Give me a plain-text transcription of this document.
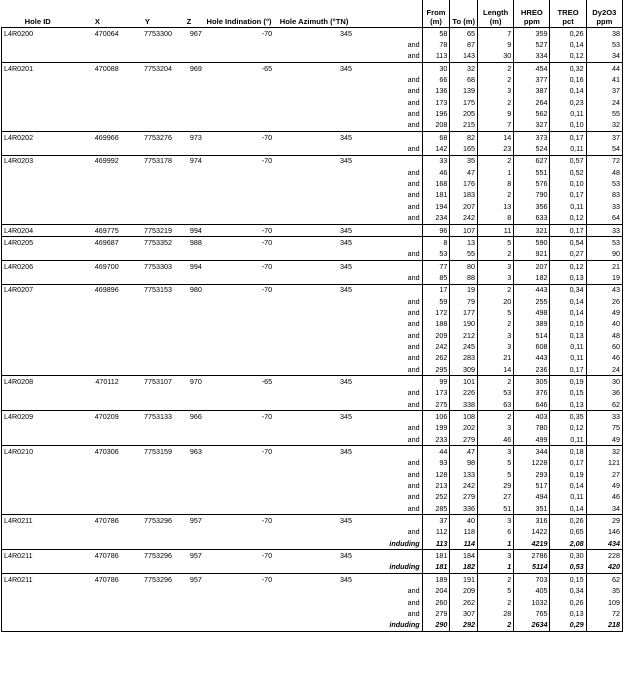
Hole ID	X	Y	Z	Hole Indination (°)	Hole Azimuth (°TN)		From (m)	To (m)	Length (m)	HREO ppm	TREO pct	Dy2O3 ppm
L4R0200	470064	7753300	967	-70	345		58	65	7	359	0,26	38
						and	78	87	9	527	0,14	53
						and	113	143	30	334	0,12	34
L4R0201	470088	7753204	969	-65	345		30	32	2	454	0,32	44
						and	66	68	2	377	0,16	41
						and	136	139	3	387	0,14	37
						and	173	175	2	264	0,23	24
						and	196	205	9	562	0,11	55
						and	208	215	7	327	0,10	32
L4R0202	469966	7753276	973	-70	345		68	82	14	373	0,17	37
						and	142	165	23	524	0,11	54
L4R0203	469992	7753178	974	-70	345		33	35	2	627	0,57	72
						and	46	47	1	551	0,52	48
						and	168	176	8	576	0,10	53
						and	181	183	2	790	0,17	83
						and	194	207	13	356	0,11	33
						and	234	242	8	633	0,12	64
L4R0204	469775	7753219	994	-70	345		96	107	11	321	0,17	33
L4R0205	469687	7753352	988	-70	345		8	13	5	590	0,54	53
						and	53	55	2	921	0,27	90
L4R0206	469700	7753303	994	-70	345		77	80	3	207	0,12	21
						and	85	88	3	182	0,13	19
L4R0207	469896	7753153	980	-70	345		17	19	2	443	0,34	43
						and	59	79	20	255	0,14	26
						and	172	177	5	498	0,14	49
						and	188	190	2	389	0,15	40
						and	209	212	3	514	0,13	48
						and	242	245	3	608	0,11	60
						and	262	283	21	443	0,11	46
						and	295	309	14	236	0,17	24
L4R0208	470112	7753107	970	-65	345		99	101	2	305	0,19	30
						and	173	226	53	376	0,15	36
						and	275	338	63	646	0,13	62
L4R0209	470209	7753133	966	-70	345		106	108	2	403	0,35	33
						and	199	202	3	780	0,12	75
						and	233	279	46	499	0,11	49
L4R0210	470306	7753159	963	-70	345		44	47	3	344	0,18	32
						and	93	98	5	1228	0,17	121
						and	128	133	5	293	0,19	27
						and	213	242	29	517	0,14	49
						and	252	279	27	494	0,11	46
						and	285	336	51	351	0,14	34
L4R0211	470786	7753296	957	-70	345		37	40	3	316	0,26	29
						and	112	118	6	1422	0,65	146
						induding	113	114	1	4219	2,08	434
L4R0211	470786	7753296	957	-70	345		181	184	3	2786	0,30	228
						induding	181	182	1	5114	0,53	420
L4R0211	470786	7753296	957	-70	345		189	191	2	703	0,15	62
						and	204	209	5	405	0,34	35
						and	260	262	2	1032	0,26	109
						and	279	307	28	765	0,13	72
						induding	290	292	2	2634	0,29	218
